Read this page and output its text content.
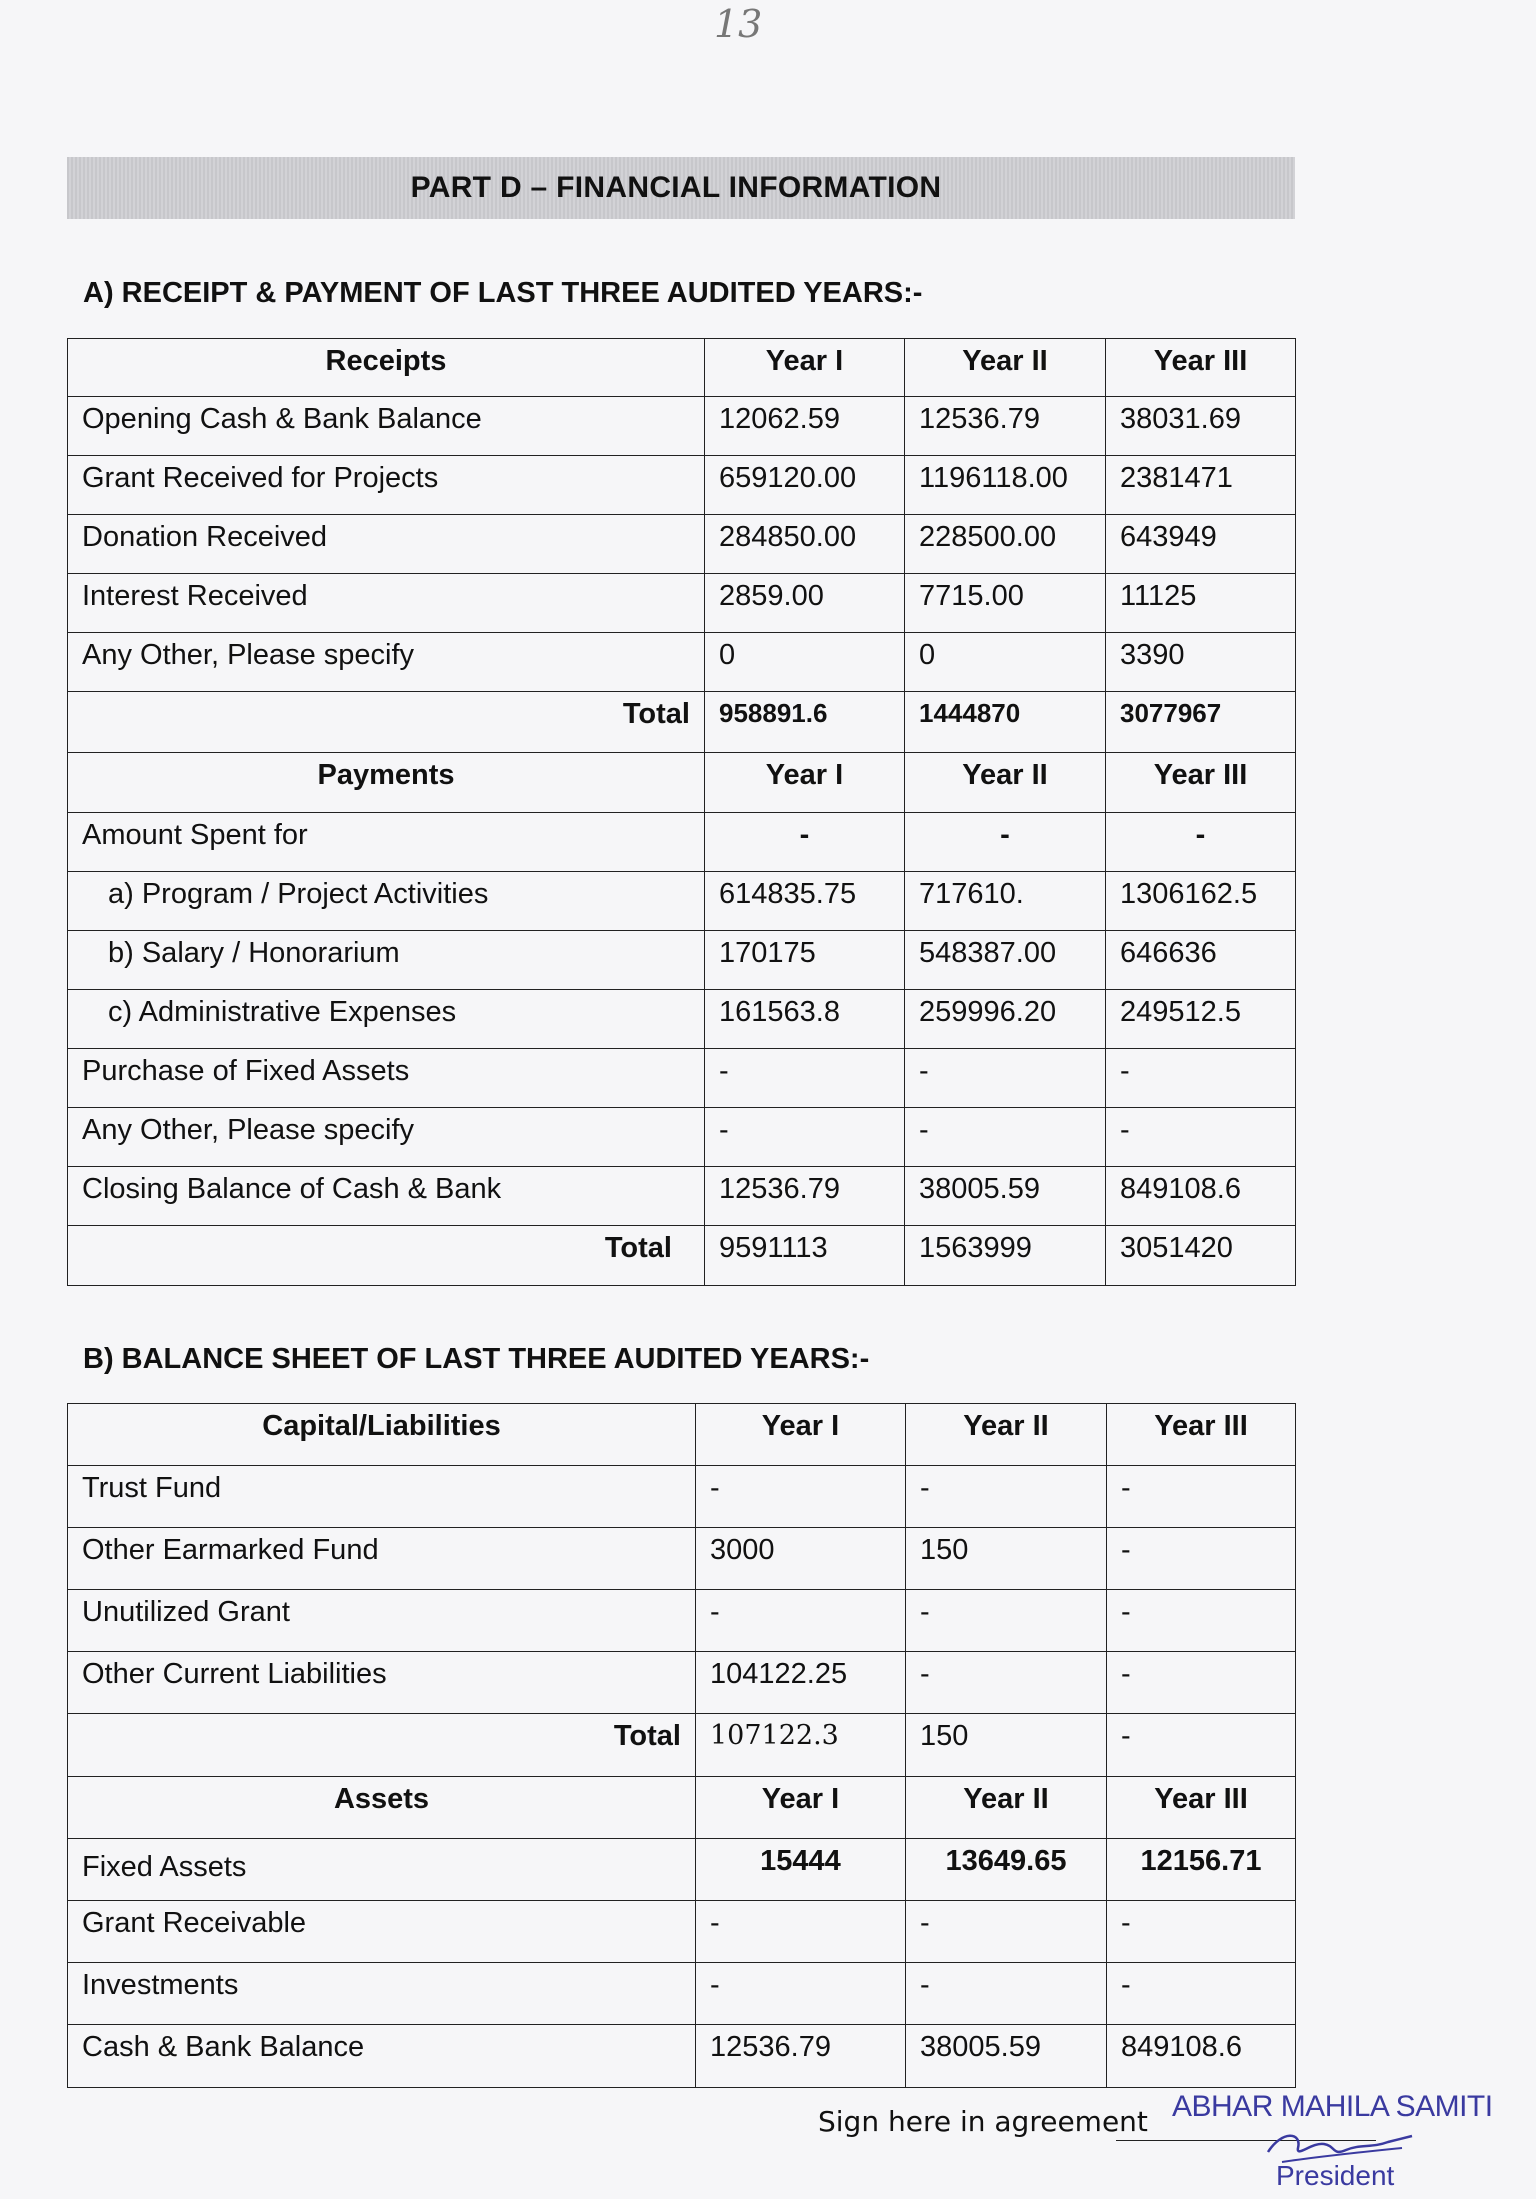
13
PART D – FINANCIAL INFORMATION
A) RECEIPT & PAYMENT OF LAST THREE AUDITED YEARS:-
Receipts	Year I	Year II	Year III
Opening Cash & Bank Balance	12062.59	12536.79	38031.69
Grant Received for Projects	659120.00	1196118.00	2381471
Donation Received	284850.00	228500.00	643949
Interest Received	2859.00	7715.00	11125
Any Other, Please specify	0	0	3390
Total	958891.6	1444870	3077967
Payments	Year I	Year II	Year III
Amount Spent for	-	-	-
a) Program / Project Activities	614835.75	717610.	1306162.5
b) Salary / Honorarium	170175	548387.00	646636
c) Administrative Expenses	161563.8	259996.20	249512.5
Purchase of Fixed Assets	-	-	-
Any Other, Please specify	-	-	-
Closing Balance of Cash & Bank	12536.79	38005.59	849108.6
Total	9591113	1563999	3051420
B) BALANCE SHEET OF LAST THREE AUDITED YEARS:-
Capital/Liabilities	Year I	Year II	Year III
Trust Fund	-	-	-
Other Earmarked Fund	3000	150	-
Unutilized Grant	-	-	-
Other Current Liabilities	104122.25	-	-
Total	107122.3	150	-
Assets	Year I	Year II	Year III
Fixed Assets	15444	13649.65	12156.71
Grant Receivable	-	-	-
Investments	-	-	-
Cash & Bank Balance	12536.79	38005.59	849108.6
Sign here in agreement ABHAR MAHILA SAMITI
President
